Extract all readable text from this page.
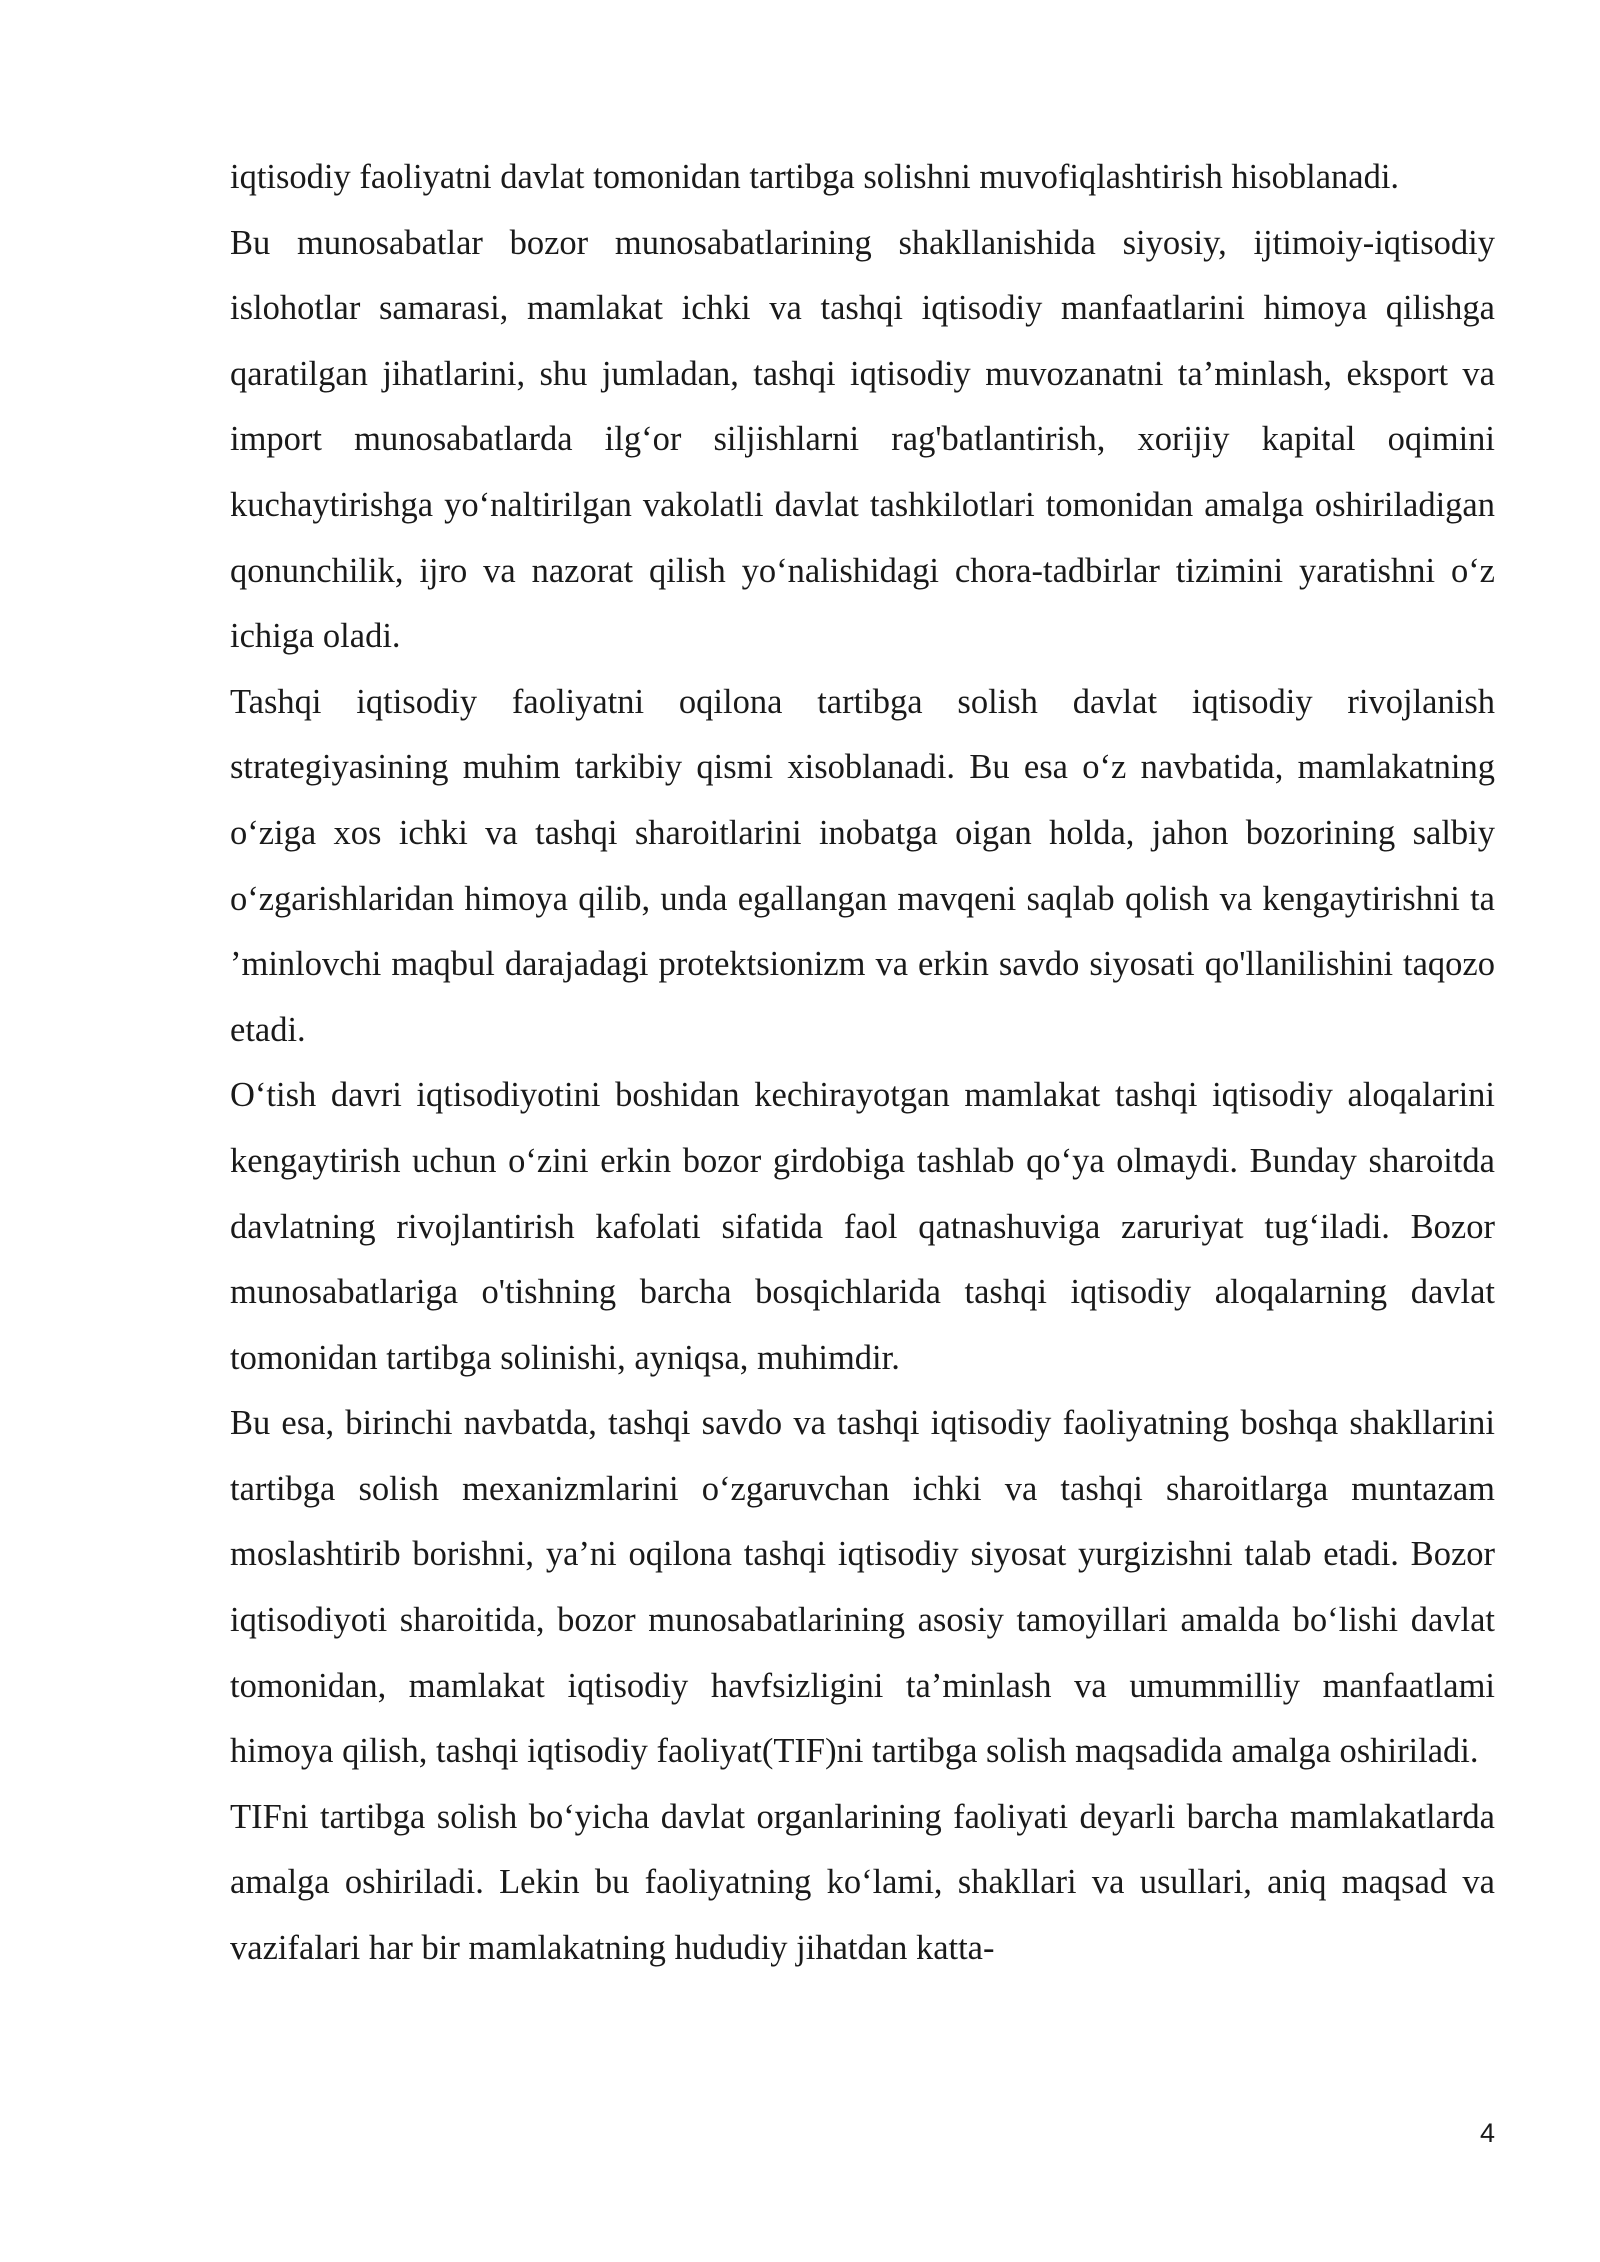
iqtisodiy faoliyatni davlat tomonidan tartibga solishni muvofiqlashtirish hisoblanadi.

Bu munosabatlar bozor munosabatlarining shakllanishida siyosiy, ijtimoiy-iqtisodiy islohotlar samarasi, mamlakat ichki va tashqi iqtisodiy manfaatlarini himoya qilishga qaratilgan jihatlarini, shu jumladan, tashqi iqtisodiy muvozanatni ta’minlash, eksport va import munosabatlarda ilg‘or siljishlarni rag'batlantirish, xorijiy kapital oqimini kuchaytirishga yo‘naltirilgan vakolatli davlat tashkilotlari tomonidan amalga oshiriladigan qonunchilik, ijro va nazorat qilish yo‘nalishidagi chora-tadbirlar tizimini yaratishni o‘z ichiga oladi.

Tashqi iqtisodiy faoliyatni oqilona tartibga solish davlat iqtisodiy rivojlanish strategiyasining muhim tarkibiy qismi xisoblanadi. Bu esa o‘z navbatida, mamlakatning o‘ziga xos ichki va tashqi sharoitlarini inobatga oigan holda, jahon bozorining salbiy o‘zgarishlaridan himoya qilib, unda egallangan mavqeni saqlab qolish va kengaytirishni ta ’minlovchi maqbul darajadagi protektsionizm va erkin savdo siyosati qo'llanilishini taqozo etadi.

O‘tish davri iqtisodiyotini boshidan kechirayotgan mamlakat tashqi iqtisodiy aloqalarini kengaytirish uchun o‘zini erkin bozor girdobiga tashlab qo‘ya olmaydi. Bunday sharoitda davlatning rivojlantirish kafolati sifatida faol qatnashuviga zaruriyat tug‘iladi. Bozor munosabatlariga o'tishning barcha bosqichlarida tashqi iqtisodiy aloqalarning davlat tomonidan tartibga solinishi, ayniqsa, muhimdir.

Bu esa, birinchi navbatda, tashqi savdo va tashqi iqtisodiy faoliyatning boshqa shakllarini tartibga solish mexanizmlarini o‘zgaruvchan ichki va tashqi sharoitlarga muntazam moslashtirib borishni, ya’ni oqilona tashqi iqtisodiy siyosat yurgizishni talab etadi. Bozor iqtisodiyoti sharoitida, bozor munosabatlarining asosiy tamoyillari amalda bo‘lishi davlat tomonidan, mamlakat iqtisodiy havfsizligini ta’minlash va umummilliy manfaatlami himoya qilish, tashqi iqtisodiy faoliyat(TIF)ni tartibga solish maqsadida amalga oshiriladi.

TIFni tartibga solish bo‘yicha davlat organlarining faoliyati deyarli barcha mamlakatlarda amalga oshiriladi. Lekin bu faoliyatning ko‘lami, shakllari va usullari, aniq maqsad va vazifalari har bir mamlakatning hududiy jihatdan katta-

4
